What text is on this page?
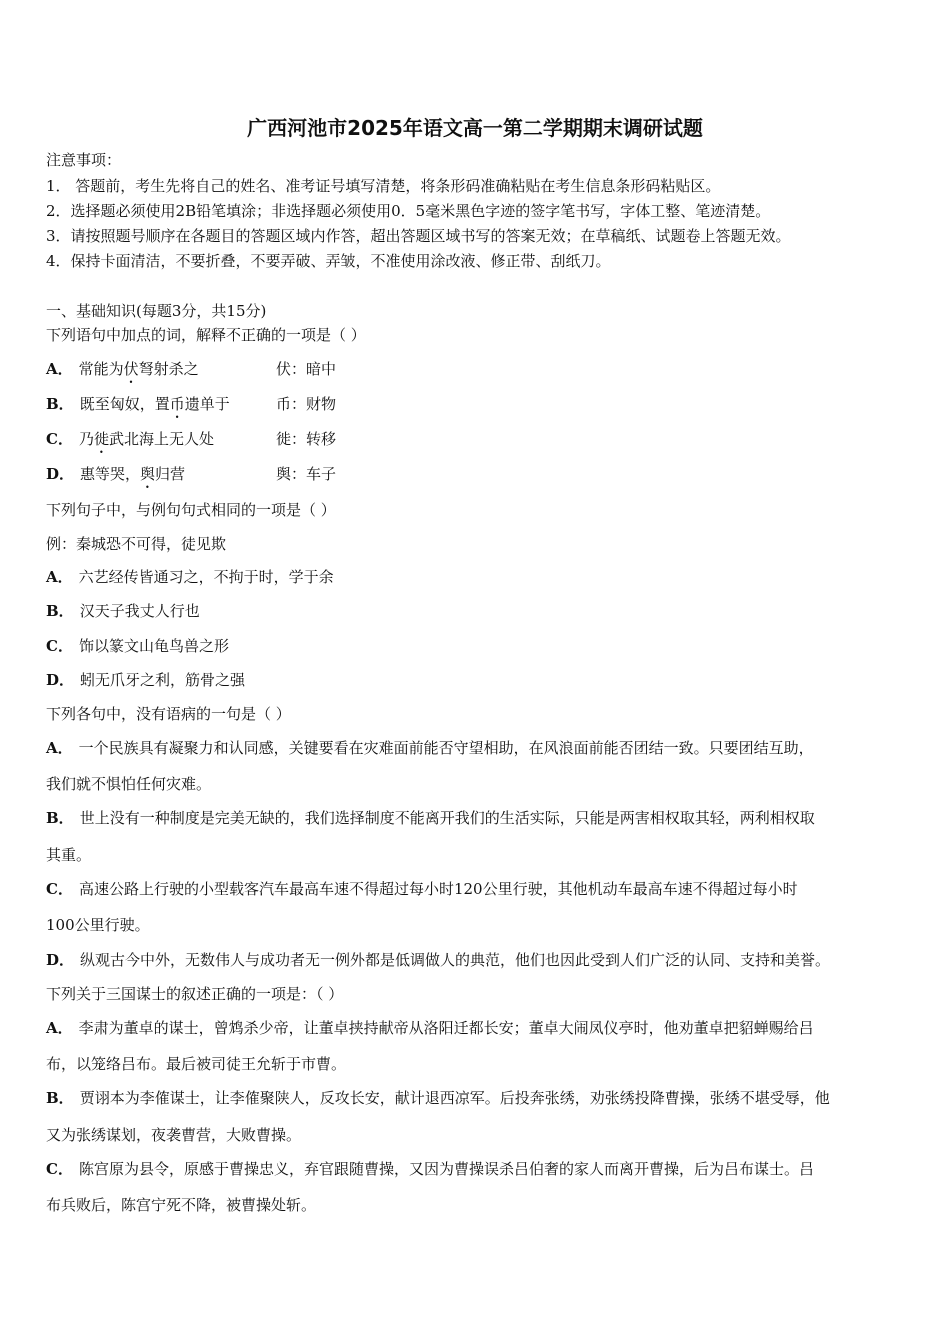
广西河池市2025年语文高一第二学期期末调研试题
注意事项：
1． 答题前，考生先将自己的姓名、准考证号填写清楚，将条形码准确粘贴在考生信息条形码粘贴区。
2．选择题必须使用2B铅笔填涂；非选择题必须使用0．5毫米黑色字迹的签字笔书写，字体工整、笔迹清楚。
3．请按照题号顺序在各题目的答题区域内作答，超出答题区域书写的答案无效；在草稿纸、试题卷上答题无效。
4．保持卡面清洁，不要折叠，不要弄破、弄皱，不准使用涂改液、修正带、刮纸刀。
一、基础知识(每题3分，共15分)
下列语句中加点的词，解释不正确的一项是（ ）
A． 常能为伏弩射杀之	伏：暗中
B． 既至匈奴，置币遗单于	币：财物
C． 乃徙武北海上无人处	徙：转移
D． 惠等哭，舆归营	舆：车子
下列句子中，与例句句式相同的一项是（ ）
例：秦城恐不可得，徒见欺
A． 六艺经传皆通习之，不拘于时，学于余
B． 汉天子我丈人行也
C． 饰以篆文山龟鸟兽之形
D． 蚓无爪牙之利，筋骨之强
下列各句中，没有语病的一句是（ ）
A． 一个民族具有凝聚力和认同感，关键要看在灾难面前能否守望相助，在风浪面前能否团结一致。只要团结互助，
我们就不惧怕任何灾难。
B． 世上没有一种制度是完美无缺的，我们选择制度不能离开我们的生活实际，只能是两害相权取其轻，两利相权取
其重。
C． 高速公路上行驶的小型载客汽车最高车速不得超过每小时120公里行驶，其他机动车最高车速不得超过每小时
100公里行驶。
D． 纵观古今中外，无数伟人与成功者无一例外都是低调做人的典范，他们也因此受到人们广泛的认同、支持和美誉。
下列关于三国谋士的叙述正确的一项是：（ ）
A． 李肃为董卓的谋士，曾鸩杀少帝，让董卓挟持献帝从洛阳迁都长安；董卓大闹凤仪亭时，他劝董卓把貂蝉赐给吕
布，以笼络吕布。最后被司徒王允斩于市曹。
B． 贾诩本为李傕谋士，让李傕聚陕人，反攻长安，献计退西凉军。后投奔张绣，劝张绣投降曹操，张绣不堪受辱，他
又为张绣谋划，夜袭曹营，大败曹操。
C． 陈宫原为县令，原感于曹操忠义，弃官跟随曹操，又因为曹操误杀吕伯奢的家人而离开曹操，后为吕布谋士。吕
布兵败后，陈宫宁死不降，被曹操处斩。
